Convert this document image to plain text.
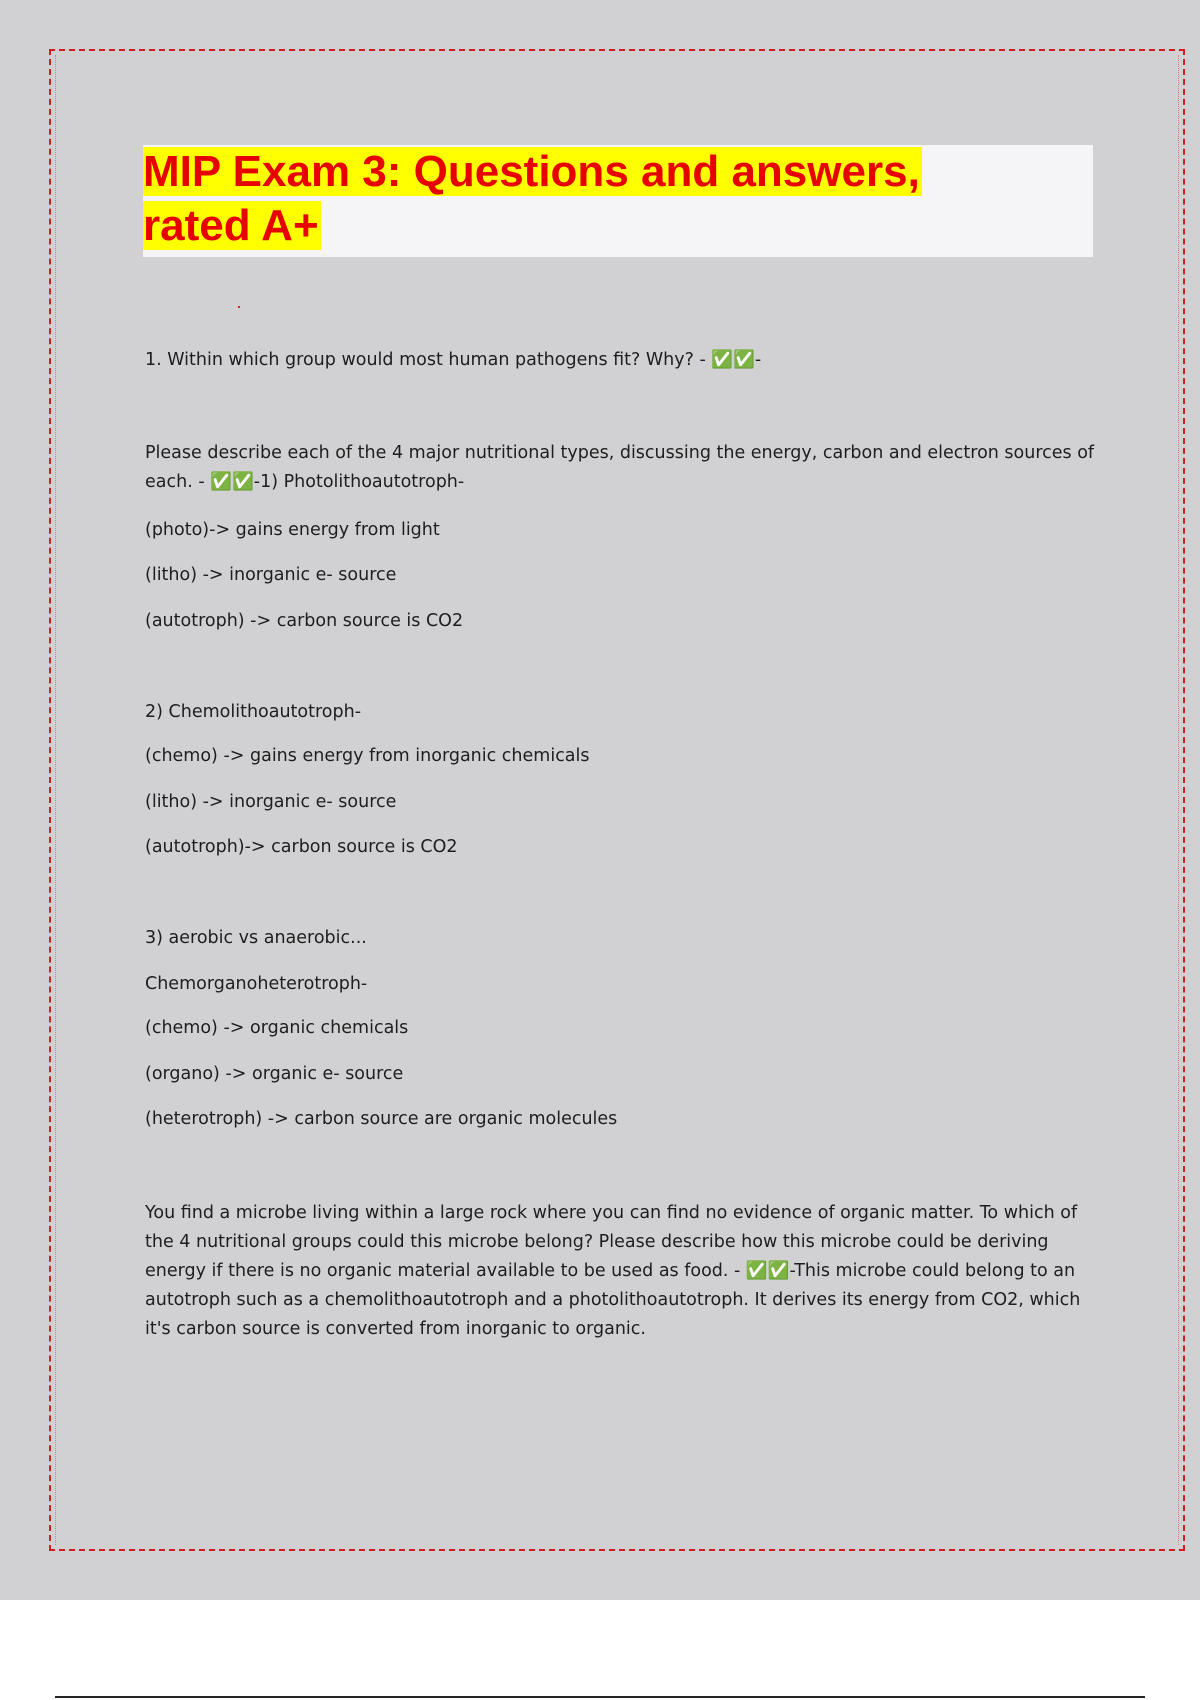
MIP Exam 3: Questions and answers,
rated A+
1. Within which group would most human pathogens fit? Why? - ✅✅-
Please describe each of the 4 major nutritional types, discussing the energy, carbon and electron sources of each. - ✅✅-1) Photolithoautotroph-
(photo)-> gains energy from light
(litho) -> inorganic e- source
(autotroph) -> carbon source is CO2
2) Chemolithoautotroph-
(chemo) -> gains energy from inorganic chemicals
(litho) -> inorganic e- source
(autotroph)-> carbon source is CO2
3) aerobic vs anaerobic...
Chemorganoheterotroph-
(chemo) -> organic chemicals
(organo) -> organic e- source
(heterotroph) -> carbon source are organic molecules
You find a microbe living within a large rock where you can find no evidence of organic matter. To which of the 4 nutritional groups could this microbe belong? Please describe how this microbe could be deriving energy if there is no organic material available to be used as food. - ✅✅-This microbe could belong to an autotroph such as a chemolithoautotroph and a photolithoautotroph. It derives its energy from CO2, which it's carbon source is converted from inorganic to organic.
